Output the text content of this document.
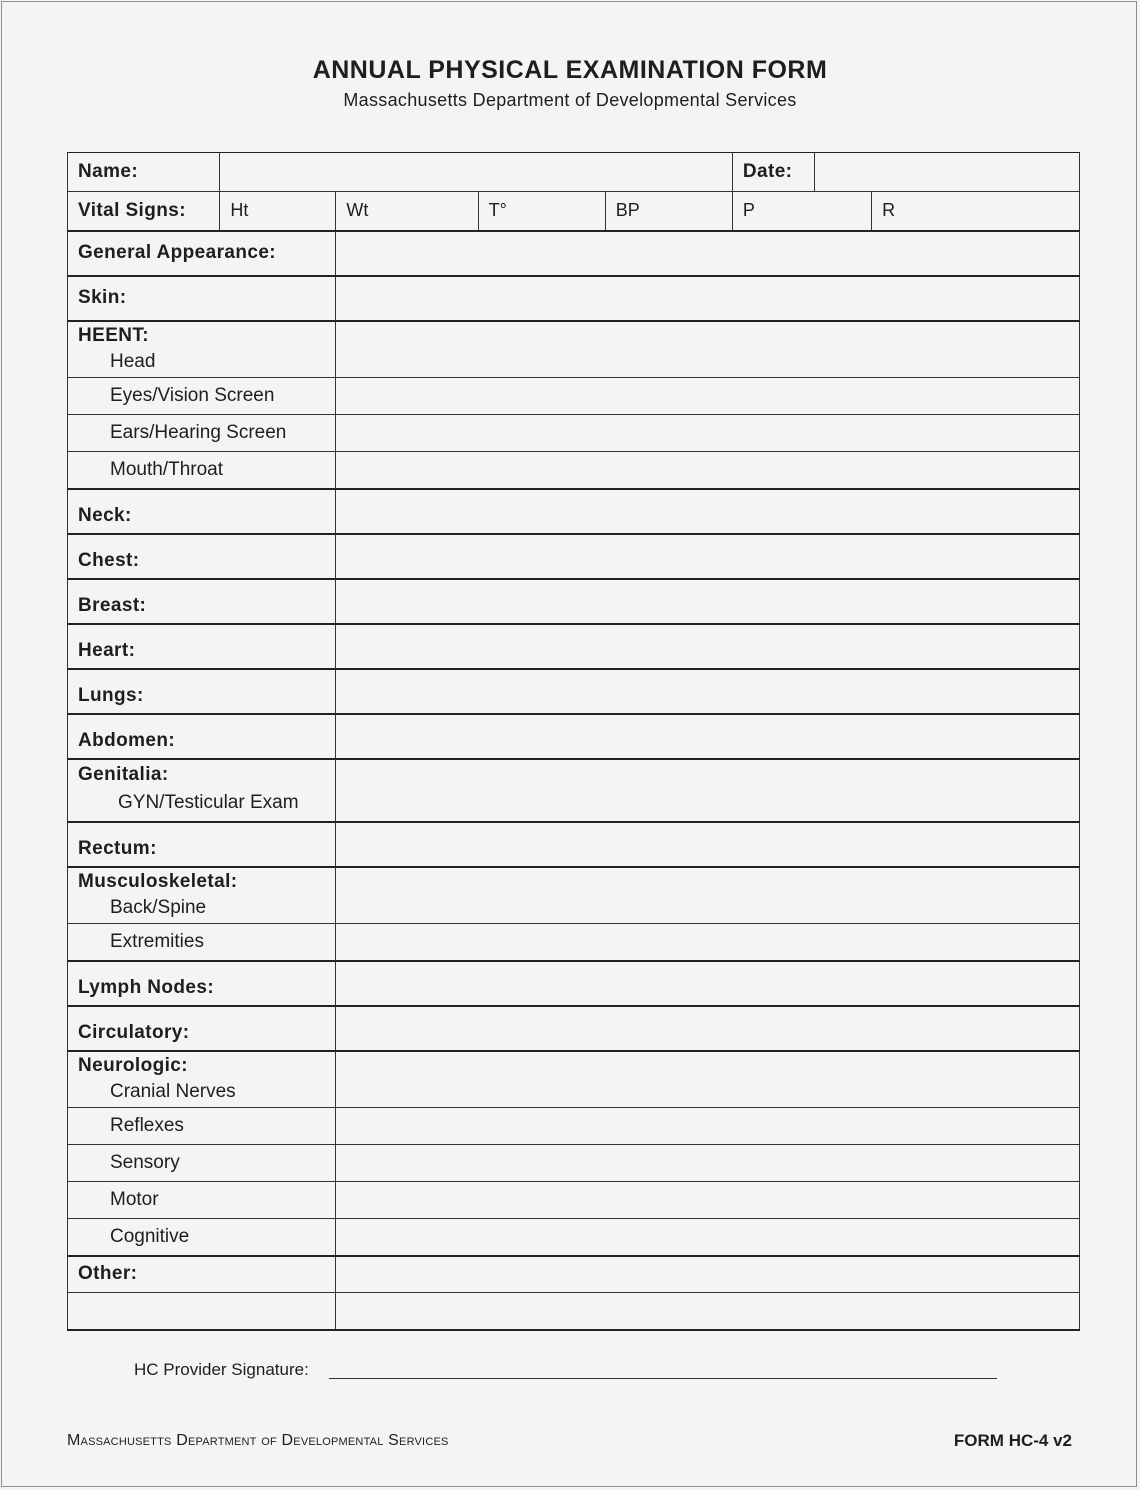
ANNUAL PHYSICAL EXAMINATION FORM
Massachusetts Department of Developmental Services
Name:					Date:		
Vital Signs:	Ht	Wt	T°	BP	P		R
General Appearance:							
Skin:							

HEENT:
Head							

Eyes/Vision Screen							
Ears/Hearing Screen							
Mouth/Throat							
Neck:							
Chest:							
Breast:							
Heart:							
Lungs:							
Abdomen:							

Genitalia:
GYN/Testicular Exam							

Rectum:							

Musculoskeletal:
Back/Spine							

Extremities							
Lymph Nodes:							
Circulatory:							

Neurologic:
Cranial Nerves							

Reflexes							
Sensory							
Motor							
Cognitive							
Other:							

HC Provider Signature:
Massachusetts Department of Developmental Services	FORM HC-4 v2
